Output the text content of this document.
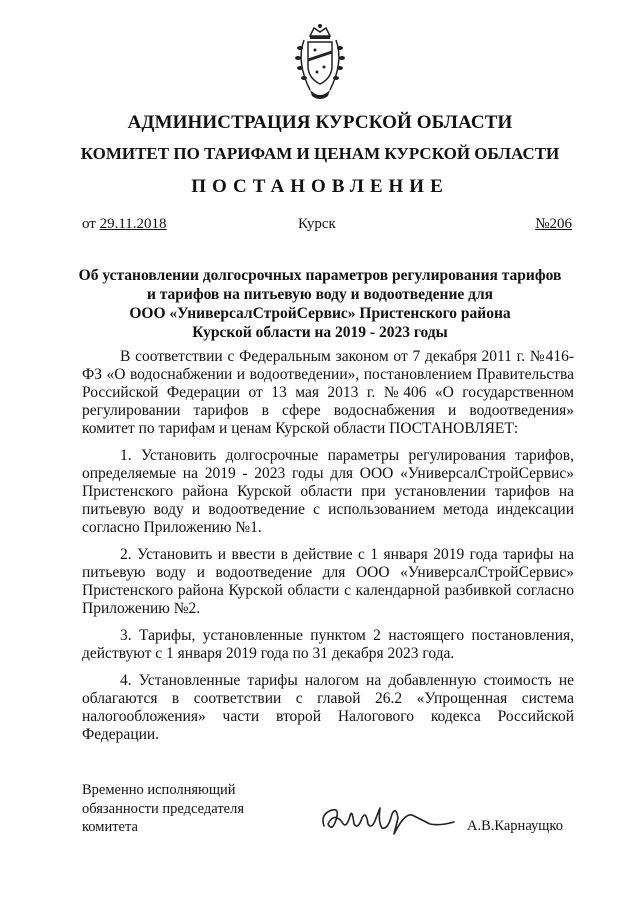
АДМИНИСТРАЦИЯ КУРСКОЙ ОБЛАСТИ
КОМИТЕТ ПО ТАРИФАМ И ЦЕНАМ КУРСКОЙ ОБЛАСТИ
ПОСТАНОВЛЕНИЕ
от 29.11.2018	Курск	№206
Об установлении долгосрочных параметров регулирования тарифов
и тарифов на питьевую воду и водоотведение для
ООО «УниверсалСтройСервис» Пристенского района
Курской области на 2019 - 2023 годы

В соответствии с Федеральным законом от 7 декабря 2011 г. №416-ФЗ «О водоснабжении и водоотведении», постановлением Правительства Российской Федерации от 13 мая 2013 г. №406 «О государственном регулировании тарифов в сфере водоснабжения и водоотведения» комитет по тарифам и ценам Курской области ПОСТАНОВЛЯЕТ:

1. Установить долгосрочные параметры регулирования тарифов, определяемые на 2019 - 2023 годы для ООО «УниверсалСтройСервис» Пристенского района Курской области при установлении тарифов на питьевую воду и водоотведение с использованием метода индексации согласно Приложению №1.

2. Установить и ввести в действие с 1 января 2019 года тарифы на питьевую воду и водоотведение для ООО «УниверсалСтройСервис» Пристенского района Курской области с календарной разбивкой согласно Приложению №2.

3. Тарифы, установленные пунктом 2 настоящего постановления, действуют с 1 января 2019 года по 31 декабря 2023 года.

4. Установленные тарифы налогом на добавленную стоимость не облагаются в соответствии с главой 26.2 «Упрощенная система налогообложения» части второй Налогового кодекса Российской Федерации.

Временно исполняющий
обязанности председателя
комитета	А.В.Карнаущко
